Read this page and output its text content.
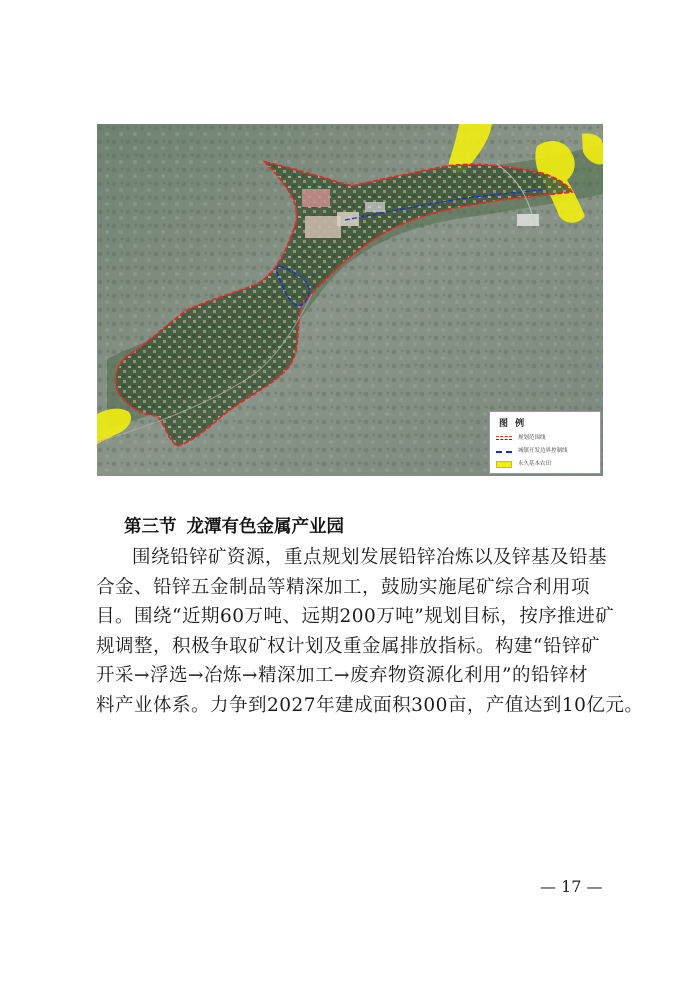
图 例
规划范围线
城镇开发边界控制线
永久基本农田
第三节 龙潭有色金属产业园
围绕铅锌矿资源，重点规划发展铅锌冶炼以及锌基及铅基
合金、铅锌五金制品等精深加工，鼓励实施尾矿综合利用项
目。围绕“近期60万吨、远期200万吨”规划目标，按序推进矿
规调整，积极争取矿权计划及重金属排放指标。构建“铅锌矿
开采→浮选→冶炼→精深加工→废弃物资源化利用”的铅锌材
料产业体系。力争到2027年建成面积300亩，产值达到10亿元。
— 17 —
